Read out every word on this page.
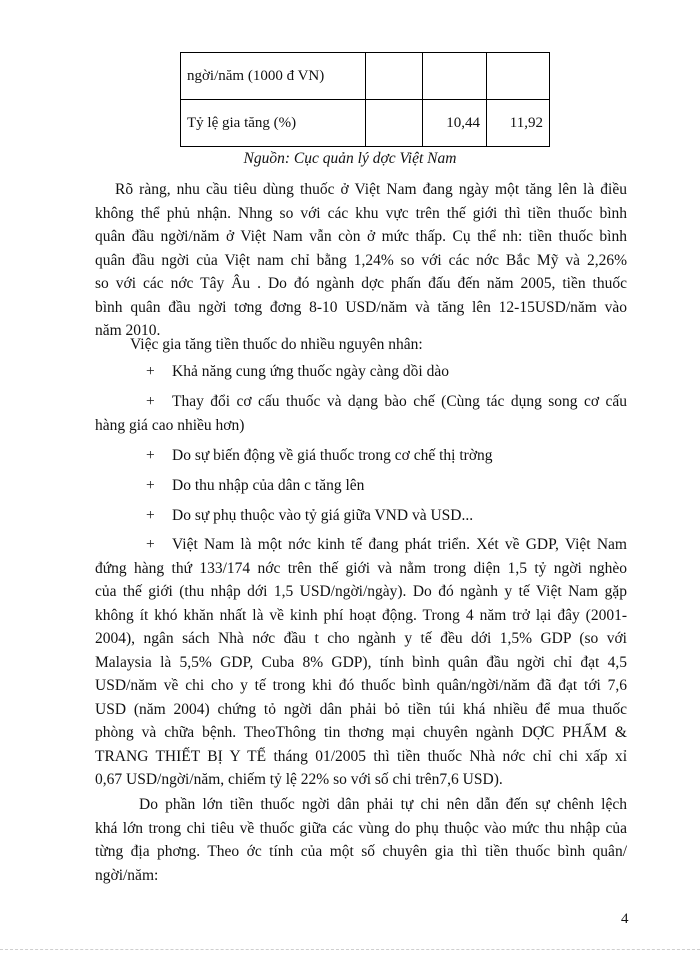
ngời/năm (1000 đ VN)			
Tỷ lệ gia tăng (%)		10,44	11,92
Nguồn: Cục quản lý dợc Việt Nam
Rõ ràng, nhu cầu tiêu dùng thuốc ở Việt Nam đang ngày một tăng lên là điều
không thể phủ nhận. Nhng so với các khu vực trên thế giới thì tiền thuốc bình
quân đầu ngời/năm ở Việt Nam vẫn còn ở mức thấp. Cụ thể nh: tiền thuốc bình
quân đầu ngời của Việt nam chỉ bằng 1,24% so với các nớc Bắc Mỹ và 2,26%
so với các nớc Tây Âu . Do đó ngành dợc phấn đấu đến năm 2005, tiền thuốc
bình quân đầu ngời tơng đơng 8-10 USD/năm và tăng lên 12-15USD/năm vào
năm 2010.
Việc gia tăng tiền thuốc do nhiều nguyên nhân:
+ Khả năng cung ứng thuốc ngày càng dồi dào
+ Thay đổi cơ cấu thuốc và dạng bào chế (Cùng tác dụng song cơ cấu
hàng giá cao nhiều hơn)
+ Do sự biến động về giá thuốc trong cơ chế thị trờng
+ Do thu nhập của dân c tăng lên
+ Do sự phụ thuộc vào tỷ giá giữa VND và USD...
+ Việt Nam là một nớc kinh tế đang phát triển. Xét về GDP, Việt Nam
đứng hàng thứ 133/174 nớc trên thế giới và nằm trong diện 1,5 tỷ ngời nghèo
của thế giới (thu nhập dới 1,5 USD/ngời/ngày). Do đó ngành y tế Việt Nam gặp
không ít khó khăn nhất là về kinh phí hoạt động. Trong 4 năm trở lại đây (2001-
2004), ngân sách Nhà nớc đầu t cho ngành y tế đều dới 1,5% GDP (so với
Malaysia là 5,5% GDP, Cuba 8% GDP), tính bình quân đầu ngời chỉ đạt 4,5
USD/năm về chi cho y tế trong khi đó thuốc bình quân/ngời/năm đã đạt tới 7,6
USD (năm 2004) chứng tỏ ngời dân phải bỏ tiền túi khá nhiều để mua thuốc
phòng và chữa bệnh. TheoThông tin thơng mại chuyên ngành DỢC PHẨM &
TRANG THIẾT BỊ Y TẾ tháng 01/2005 thì tiền thuốc Nhà nớc chỉ chi xấp xỉ
0,67 USD/ngời/năm, chiếm tỷ lệ 22% so với số chi trên7,6 USD).
Do phần lớn tiền thuốc ngời dân phải tự chi nên dẫn đến sự chênh lệch
khá lớn trong chi tiêu về thuốc giữa các vùng do phụ thuộc vào mức thu nhập của
từng địa phơng. Theo ớc tính của một số chuyên gia thì tiền thuốc bình quân/
ngời/năm:
4
